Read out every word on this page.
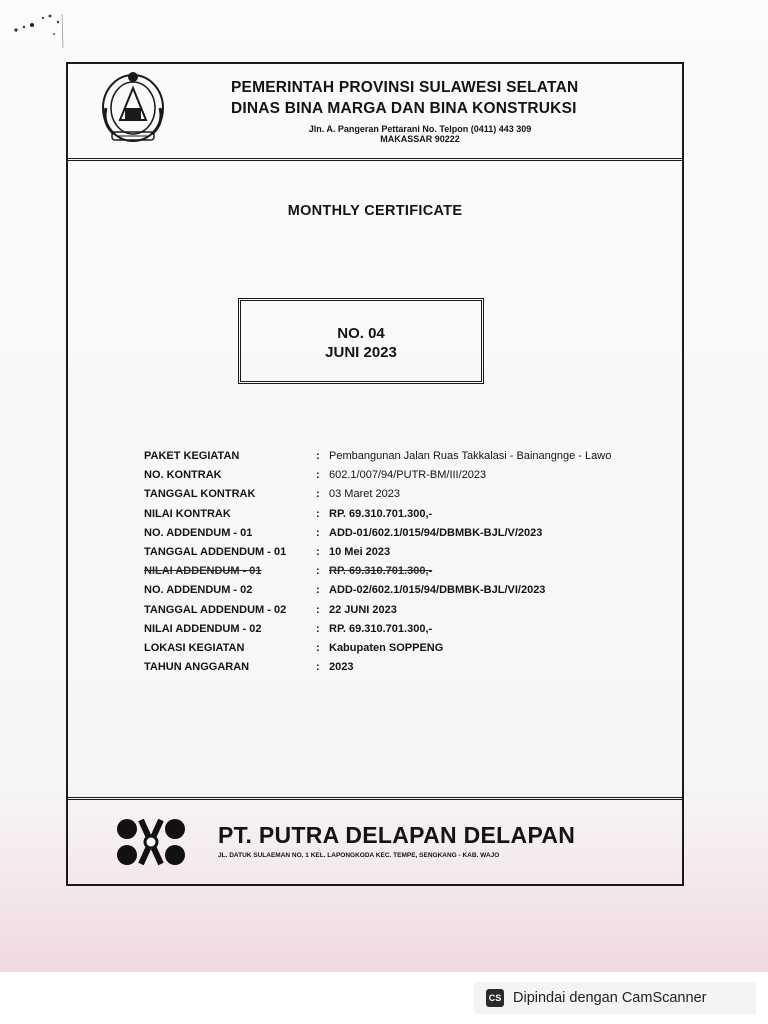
PEMERINTAH PROVINSI SULAWESI SELATAN
DINAS BINA MARGA DAN BINA KONSTRUKSI
Jln. A. Pangeran Pettarani No. Telpon (0411) 443 309
MAKASSAR 90222
MONTHLY CERTIFICATE
NO. 04
JUNI 2023
PAKET KEGIATAN	: Pembangunan Jalan Ruas Takkalasi - Bainangnge - Lawo
NO. KONTRAK	: 602.1/007/94/PUTR-BM/III/2023
TANGGAL KONTRAK	: 03 Maret 2023
NILAI KONTRAK	: RP. 69.310.701.300,-
NO. ADDENDUM - 01	: ADD-01/602.1/015/94/DBMBK-BJL/V/2023
TANGGAL ADDENDUM - 01	: 10 Mei 2023
NILAI ADDENDUM - 01	: RP. 69.310.701.300,-
NO. ADDENDUM - 02	: ADD-02/602.1/015/94/DBMBK-BJL/VI/2023
TANGGAL ADDENDUM - 02	: 22 JUNI 2023
NILAI ADDENDUM - 02	: RP. 69.310.701.300,-
LOKASI KEGIATAN	: Kabupaten SOPPENG
TAHUN ANGGARAN	: 2023
PT. PUTRA DELAPAN DELAPAN
JL. DATUK SULAEMAN NO. 1 KEL. LAPONGKODA KEC. TEMPE, SENGKANG - KAB. WAJO
CS Dipindai dengan CamScanner
